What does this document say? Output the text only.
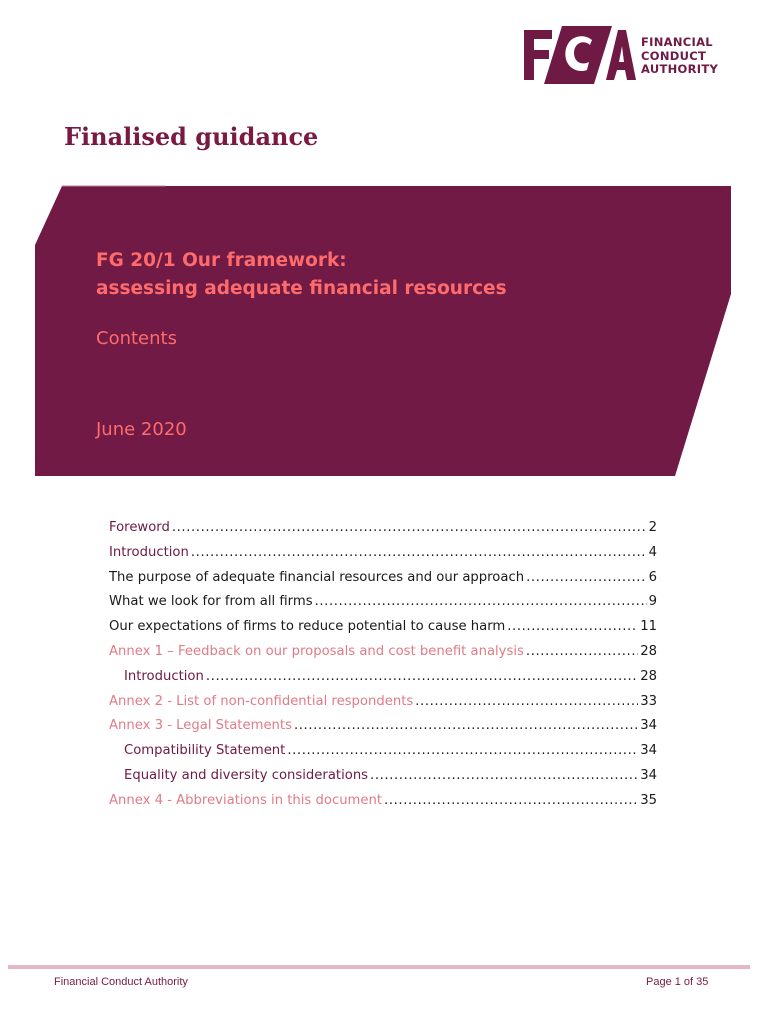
FINANCIAL
CONDUCT
AUTHORITY
Finalised guidance
FG 20/1 Our framework:
assessing adequate financial resources
Contents
June 2020
Foreword .....	2
Introduction .....	4
The purpose of adequate financial resources and our approach .....	6
What we look for from all firms .....	9
Our expectations of firms to reduce potential to cause harm .....	11
Annex 1 – Feedback on our proposals and cost benefit analysis .....	28
Introduction .....	28
Annex 2 - List of non-confidential respondents .....	33
Annex 3 - Legal Statements .....	34
Compatibility Statement .....	34
Equality and diversity considerations .....	34
Annex 4 - Abbreviations in this document .....	35
Financial Conduct Authority	Page 1 of 35
